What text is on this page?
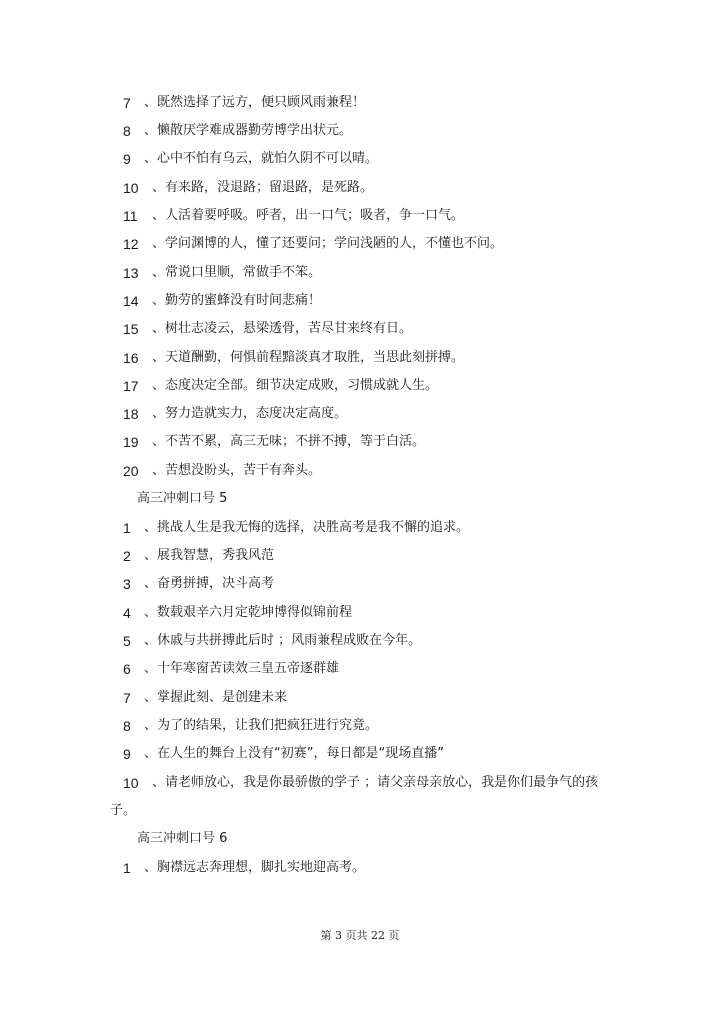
7 、既然选择了远方，便只顾风雨兼程！
8 、懒散厌学难成器勤劳博学出状元。
9 、心中不怕有乌云，就怕久阴不可以晴。
10 、有来路，没退路；留退路，是死路。
11 、人活着要呼吸。呼者，出一口气；吸者，争一口气。
12 、学问渊博的人，懂了还要问；学问浅陋的人，不懂也不问。
13 、常说口里顺，常做手不笨。
14 、勤劳的蜜蜂没有时间悲痛！
15 、树壮志凌云，悬梁透骨，苦尽甘来终有日。
16 、天道酬勤，何惧前程黯淡真才取胜，当思此刻拼搏。
17 、态度决定全部。细节决定成败，习惯成就人生。
18 、努力造就实力，态度决定高度。
19 、不苦不累，高三无味；不拼不搏，等于白活。
20 、苦想没盼头，苦干有奔头。
高三冲刺口号 5
1 、挑战人生是我无悔的选择，决胜高考是我不懈的追求。
2 、展我智慧，秀我风范
3 、奋勇拼搏，决斗高考
4 、数载艰辛六月定乾坤博得似锦前程
5 、休戚与共拼搏此后时 ；风雨兼程成败在今年。
6 、十年寒窗苦读效三皇五帝逐群雄
7 、掌握此刻、是创建未来
8 、为了的结果，让我们把疯狂进行究竟。
9 、在人生的舞台上没有“初赛”，每日都是“现场直播”
10 、请老师放心，我是你最骄傲的学子 ；请父亲母亲放心，我是你们最争气的孩
子。
高三冲刺口号 6
1 、胸襟远志奔理想，脚扎实地迎高考。
第 3 页共 22 页
